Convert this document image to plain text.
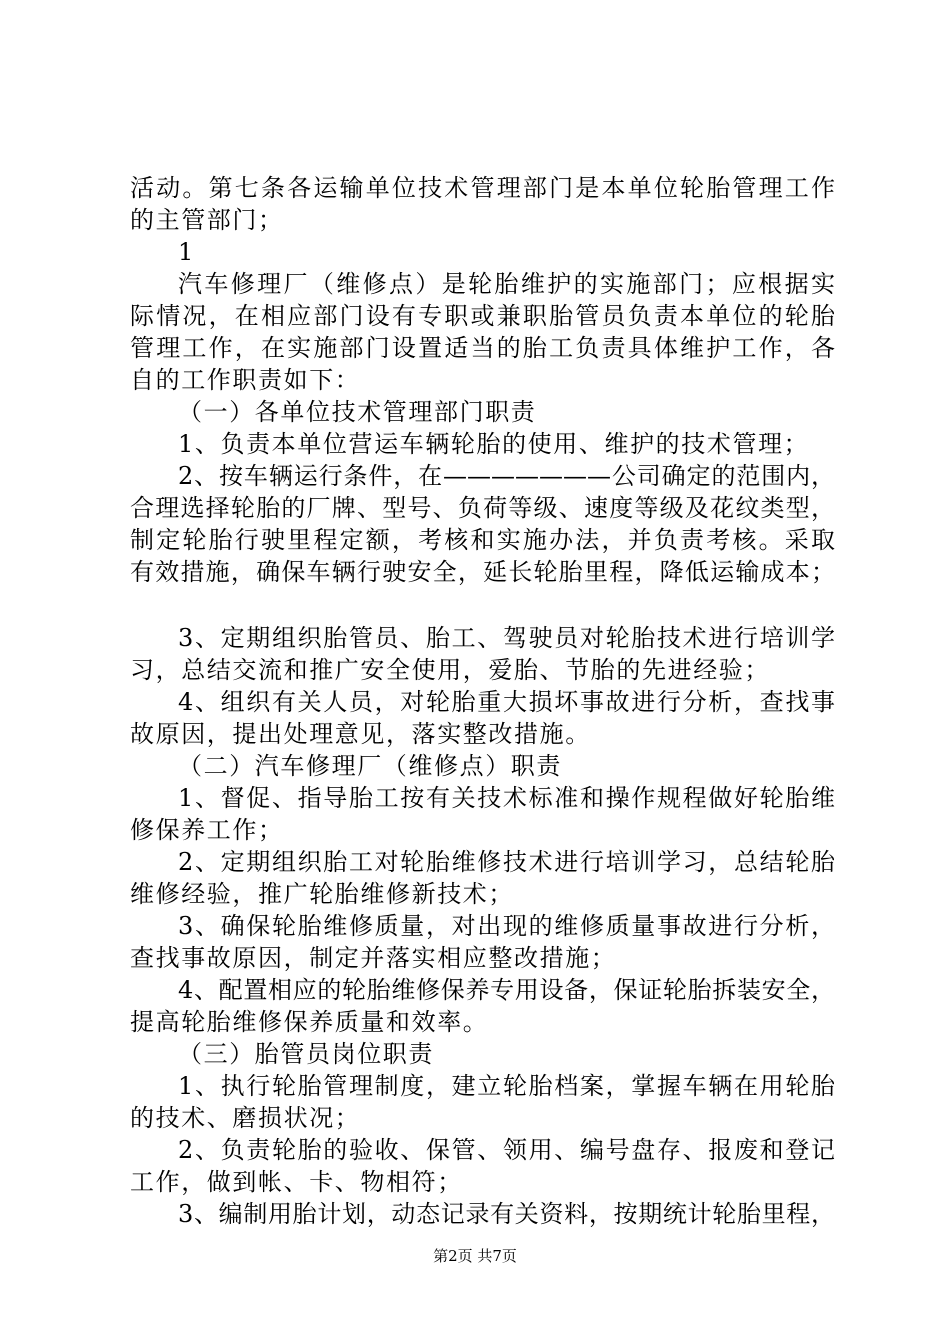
活动。第七条各运输单位技术管理部门是本单位轮胎管理工作
的主管部门；
1
汽车修理厂（维修点）是轮胎维护的实施部门；应根据实
际情况，在相应部门设有专职或兼职胎管员负责本单位的轮胎
管理工作，在实施部门设置适当的胎工负责具体维护工作，各
自的工作职责如下：
（一）各单位技术管理部门职责
1、负责本单位营运车辆轮胎的使用、维护的技术管理；
2、按车辆运行条件，在———————公司确定的范围内，
合理选择轮胎的厂牌、型号、负荷等级、速度等级及花纹类型，
制定轮胎行驶里程定额，考核和实施办法，并负责考核。采取
有效措施，确保车辆行驶安全，延长轮胎里程，降低运输成本；
3、定期组织胎管员、胎工、驾驶员对轮胎技术进行培训学
习，总结交流和推广安全使用，爱胎、节胎的先进经验；
4、组织有关人员，对轮胎重大损坏事故进行分析，查找事
故原因，提出处理意见，落实整改措施。
（二）汽车修理厂（维修点）职责
1、督促、指导胎工按有关技术标准和操作规程做好轮胎维
修保养工作；
2、定期组织胎工对轮胎维修技术进行培训学习，总结轮胎
维修经验，推广轮胎维修新技术；
3、确保轮胎维修质量，对出现的维修质量事故进行分析，
查找事故原因，制定并落实相应整改措施；
4、配置相应的轮胎维修保养专用设备，保证轮胎拆装安全，
提高轮胎维修保养质量和效率。
（三）胎管员岗位职责
1、执行轮胎管理制度，建立轮胎档案，掌握车辆在用轮胎
的技术、磨损状况；
2、负责轮胎的验收、保管、领用、编号盘存、报废和登记
工作，做到帐、卡、物相符；
3、编制用胎计划，动态记录有关资料，按期统计轮胎里程，
第2页 共7页
